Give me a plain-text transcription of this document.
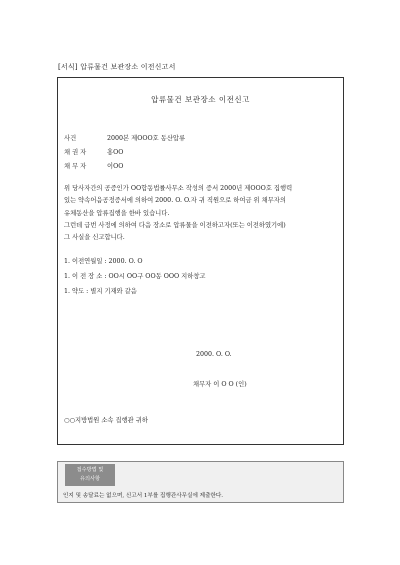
[서식] 압류물건 보관장소 이전신고서
압류물건 보관장소 이전신고
사건	2000본 제OOO호 동산압류
채 권 자	홍OO
채 무 자	이OO
위 당사자간의 공증인가 OO합동법률사무소 작성의 증서 2000년 제OOO호 집행력
있는 약속어음공정증서에 의하여 2000. O. O.자 귀 직원으로 하여금 위 채무자의
유체동산을 압류집행을 한바 있습니다.
그런데 급번 사정에 의하여 다음 장소로 압류물을 이전하고자(또는 이전하였기에)
그 사실을 신고합니다.
1. 이전연월일 : 2000. O. O
1. 이 전 장 소 : OO시 OO구 OO동 OOO 지하창고
1. 약도 : 별지 기재와 같음
2000. O. O.
채무자 이 O O (인)
○○지방법원 소속 집행관 귀하
접수방법 및
유의사항
인지 및 송달료는 없으며, 신고서 1부를 집행관사무실에 제출한다.
